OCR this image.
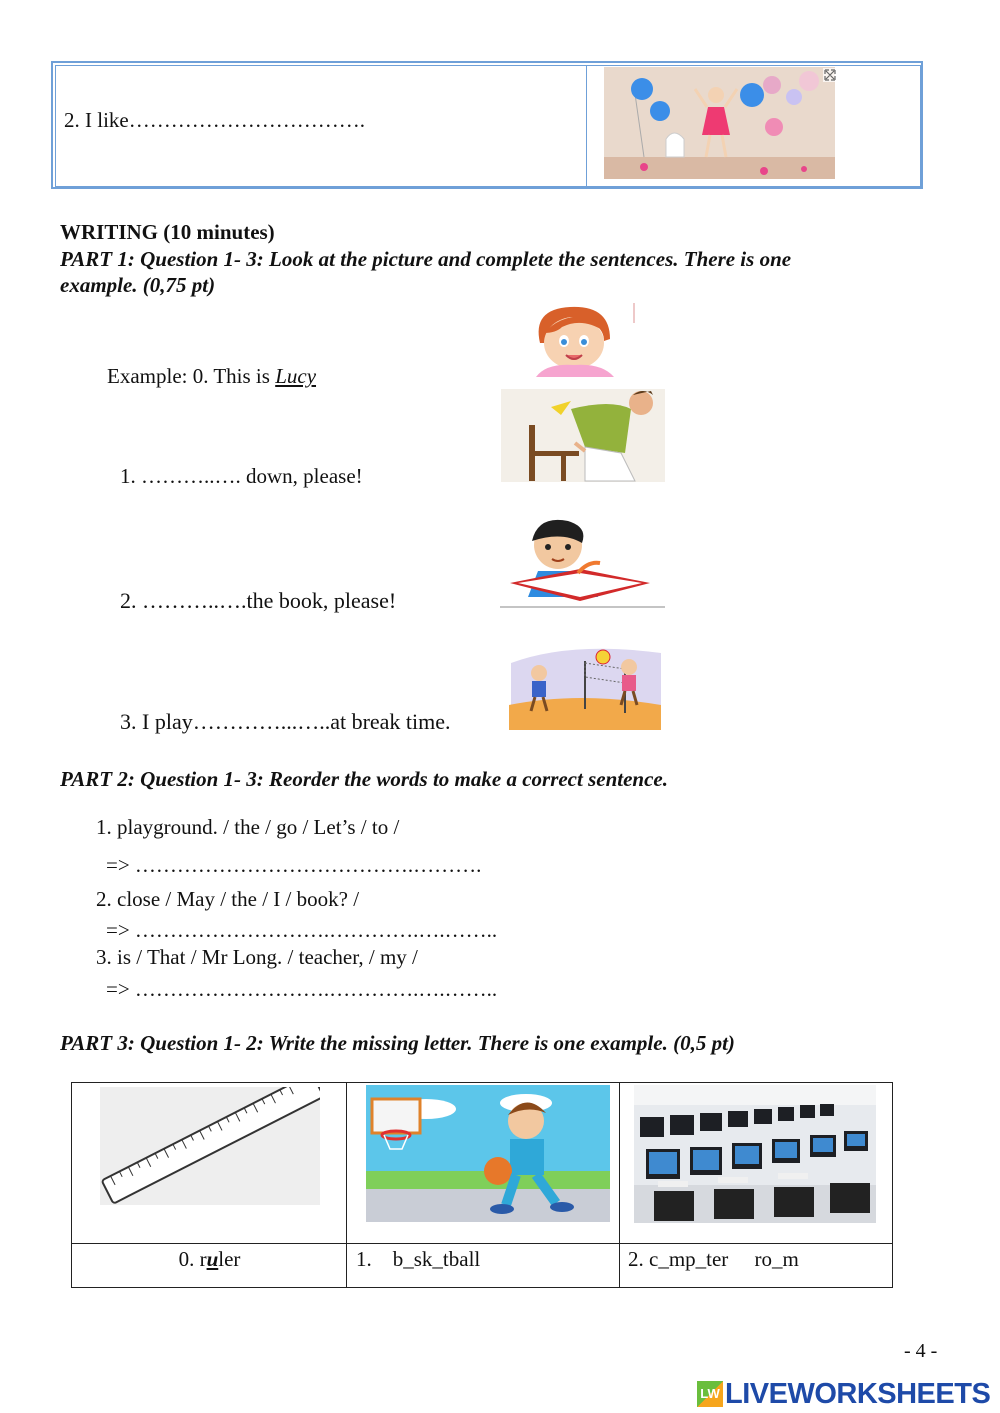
2. I like…………………………….
WRITING (10 minutes)
PART 1: Question 1- 3: Look at the picture and complete the sentences. There is one
example. (0,75 pt)
Example: 0. This is Lucy
1. ………..…. down, please!
2. ………..….the book, please!
3. I play…………...…..at break time.
PART 2: Question 1- 3: Reorder the words to make a correct sentence.
1. playground. / the / go / Let’s / to /
=> ………………………………….……….
2. close / May / the / I / book? /
=> ……………………….………….….……..
3. is / That / Mr Long. / teacher, / my /
=> ……………………….………….….……..
PART 3: Question 1- 2: Write the missing letter. There is one example. (0,5 pt)
0. ruler	1.    b_sk_tball	2. c_mp_ter     ro_m
- 4 -
LW LIVEWORKSHEETS
